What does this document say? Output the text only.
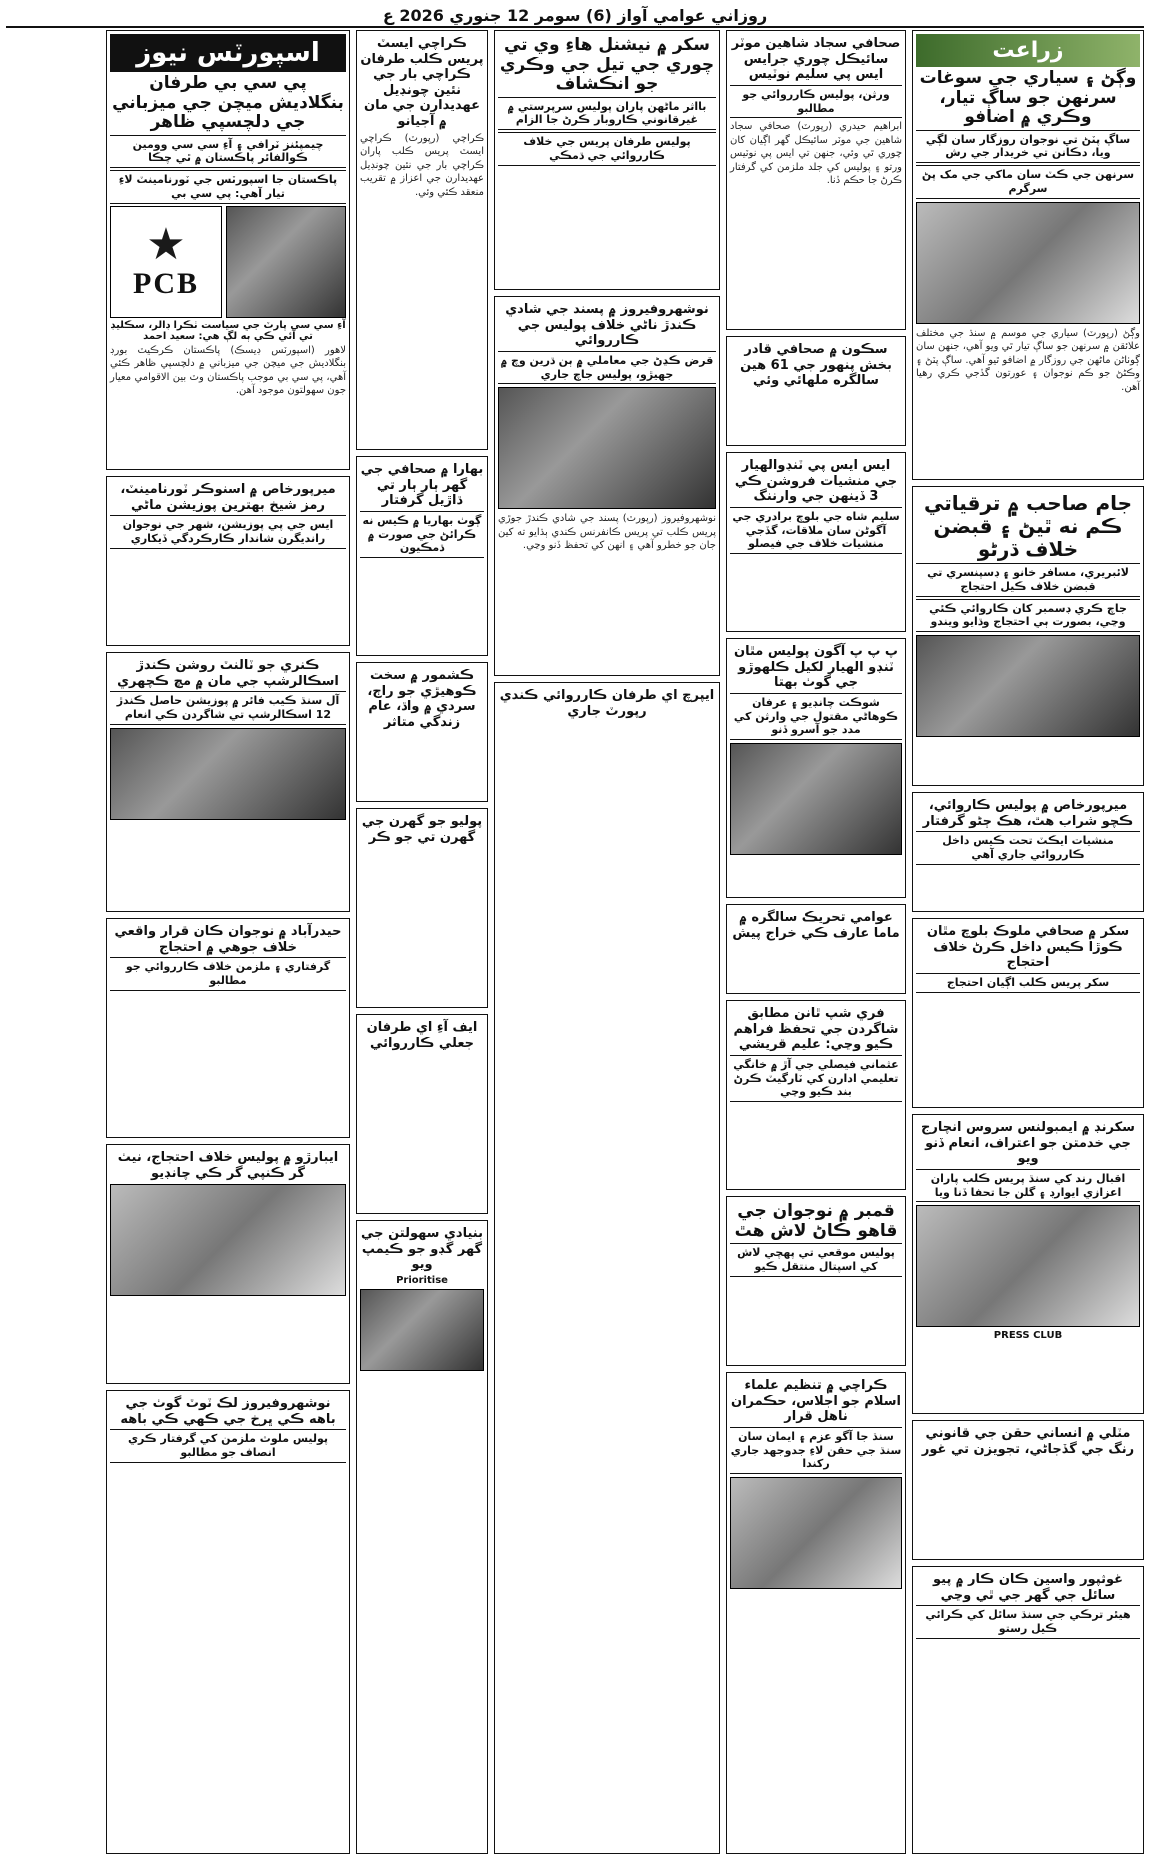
روزاني عوامي آواز (6) سومر 12 جنوري 2026 ع
زراعت
وڳڻ ۽ سياري جي سوغات سرنهن جو ساڳ تيار، وڪري ۾ اضافو
ساڳ پٽڻ تي نوجوان روزگار سان لڳي ويا، دڪانن تي خريدار جي رش
سرنهن جي ڪٽ سان ماکي جي مک پڻ سرگرم
وڳڻ (رپورٽ) سياري جي موسم ۾ سنڌ جي مختلف علائقن ۾ سرنهن جو ساڳ تيار ٿي ويو آهي، جنهن سان ڳوٺاڻن ماڻهن جي روزگار ۾ اضافو ٿيو آهي. ساڳ پٽڻ ۽ وڪڻڻ جو ڪم نوجوان ۽ عورتون گڏجي ڪري رهيا آهن.
جام صاحب ۾ ترقياتي ڪم نه ٿيڻ ۽ قبضن خلاف ڌرڻو
لائبريري، مسافر خانو ۽ ڊسپنسري تي قبضن خلاف ڪيل احتجاج
جاچ ڪري ڊسمبر کان ڪاروائي ڪئي وڃي، بصورت ٻي احتجاج وڌايو ويندو
ميرپورخاص ۾ پوليس ڪاروائي، ڪچو شراب هٿ، هڪ ڄڻو گرفتار
منشيات ايڪٽ تحت ڪيس داخل ڪارروائي جاري آهي
سکر ۾ صحافي ملوڪ بلوچ مٿان ڪوڙا ڪيس داخل ڪرڻ خلاف احتجاج
سکر پريس ڪلب اڳيان احتجاج
سکرنڊ ۾ ايمبولنس سروس انچارج جي خدمتن جو اعتراف، انعام ڏنو ويو
اقبال رند کي سنڌ پريس ڪلب پاران اعزازي ايوارڊ ۽ گلن جا تحفا ڏنا ويا
PRESS CLUB
مٽلي ۾ انساني حقن جي قانوني رنگ جي گڏجاڻي، تجويزن تي غور
غوثپور واسين ڪان ڪار ۾ پيو سائل جي گهر جي ٿي وڃي
هيئر ترڪي جي سنڌ سائل کي ڪرائي ڪيل رستو
صحافي سجاد شاهين موٽر سائيڪل چوري جرايس ايس پي سليم نوٽيس
ورثن، پوليس ڪارروائي جو مطالبو
ابراهيم حيدري (رپورٽ) صحافي سجاد شاهين جي موٽر سائيڪل گهر اڳيان کان چوري ٿي وئي، جنهن تي ايس پي نوٽيس ورتو ۽ پوليس کي جلد ملزمن کي گرفتار ڪرڻ جا حڪم ڏنا.
سڪون ۾ صحافي قادر بخش پنهور جي 61 هين سالگره ملهائي وئي
ايس ايس پي ٽنڊوالهيار جي منشيات فروشن ڪي 3 ڏينهن جي وارننگ
سليم شاه جي بلوچ برادري جي آگوڻن سان ملاقات، گڏجي منشيات خلاف جي فيصلو
پ پ پ آگون پوليس مٿان ٽنڊو الهيار لکيل ڪلهوڙو جي گوٺ بهتا
شوڪت چانڊيو ۽ عرفان ڪوهاڻي مقتول جي وارثن کي مدد جو آسرو ڏنو
عوامي تحريڪ سالگره ۾ ماما عارف ڪي خراج پيش
فري شپ ٿانن مطابق شاگردن جي تحفظ فراهم ڪيو وڃي: عليم قريشي
عثماني فيصلي جي آڙ ۾ خانگي تعليمي ادارن کي ٽارگيٽ ڪرڻ بند ڪيو وڃي
قمبر ۾ نوجوان جي قاهو ڪاڻ لاش هٿ
پوليس موقعي تي پهچي لاش کي اسپتال منتقل ڪيو
ڪراچي ۾ تنظيم علماء اسلام جو اجلاس، حڪمران ناهل قرار
سنڌ جا آگو عزم ۽ ايمان سان سنڌ جي حقن لاءِ جدوجهد جاري رکندا
سکر ۾ نيشنل هاءِ وي تي چوري جي تيل جي وڪري جو انڪشاف
بااثر ماڻهن پاران پوليس سرپرستي ۾ غيرقانوني ڪاروبار ڪرڻ جا الزام
پوليس طرفان پريس جي خلاف ڪارروائي جي ڌمڪي
نوشهروفيروز ۾ پسند جي شادي ڪندڙ ناڻي خلاف پوليس جي ڪارروائي
قرض ڪڍڻ جي معاملي ۾ ٻن ڌرين وچ ۾ جهيڙو، پوليس جاچ جاري
نوشهروفيروز (رپورٽ) پسند جي شادي ڪندڙ جوڙي پريس ڪلب تي پريس ڪانفرنس ڪندي ٻڌايو ته کين جان جو خطرو آهي ۽ انهن کي تحفظ ڏنو وڃي.
ايپرچ اي طرفان ڪارروائي ڪندي رپورٽ جاري
ڪراچي ايسٽ پريس ڪلب طرفان ڪراچي بار جي نئين چونڊيل عهديدارن جي مان ۾ آجيانو
ڪراچي (رپورٽ) ڪراچي ايسٽ پريس ڪلب پاران ڪراچي بار جي نئين چونڊيل عهديدارن جي اعزاز ۾ تقريب منعقد ڪئي وئي.
بهارا ۾ صحافي جي گهر ٻار ٻار تي ڌاڙيل گرفتار
ڳوٺ بهاريا ۾ ڪيس نه ڪرائڻ جي صورت ۾ ڌمڪيون
ڪشمور ۾ سخت ڪوهيڙي جو راڄ، سردي ۾ واڌ، عام زندگي متاثر
پوليو جو گهرن جي گهرن تي جو ڪر
ايف آءِ اي طرفان جعلي ڪارروائي
بنيادي سهولتن جي گهر گڊو جو ڪيمپ ويو
Prioritise
اسپورٽس نيوز
پي سي بي طرفان بنگلاديش ميچن جي ميزباني جي دلچسپي ظاهر
چيمپئنز ٽرافي ۽ آءِ سي سي وومين ڪوالفائر پاڪستان ۾ ٿي چڪا
پاڪستان جا اسپورٽس جي ٽورنامينٽ لاءِ تيار آهي: پي سي بي
★
PCB
آءِ سي سي پارٽ جي سياست ٺڪرا ڊالر، سڪليڊ تي آئي ڪي ٻه لڳ هي: سعيد احمد
لاهور (اسپورٽس ڊيسڪ) پاڪستان ڪرڪيٽ بورڊ بنگلاديش جي ميچن جي ميزباني ۾ دلچسپي ظاهر ڪئي آهي، پي سي بي موجب پاڪستان وٽ بين الاقوامي معيار جون سهولتون موجود آهن.
ميرپورخاص ۾ اسنوڪر ٽورنامينٽ، رمز شيخ بهترين پوزيشن ماڻي
ايس جي پي پوزيشن، شهر جي نوجوان رانديگرن شاندار ڪارڪردگي ڏيکاري
ڪنري جو ٽالنٽ روشن ڪندڙ اسڪالرشپ جي مان ۾ مچ ڪچهري
آل سنڌ ڪيب فائر ۾ پوزيشن حاصل ڪندڙ 12 اسڪالرشپ تي شاگردن ڪي انعام
حيدرآباد ۾ نوجوان ڪان قرار واقعي خلاف جوهي ۾ احتجاج
گرفتاري ۽ ملزمن خلاف ڪارروائي جو مطالبو
ايبارڙو ۾ پوليس خلاف احتجاج، نيٺ گر ڪنپي گر ڪي چانڊيو
نوشهروفيروز لڪ ٽوٽ گوٺ جي باهه ڪي ڀرخ جي ڪهي ڪي باهه
پوليس ملوث ملزمن کي گرفتار ڪري انصاف جو مطالبو
